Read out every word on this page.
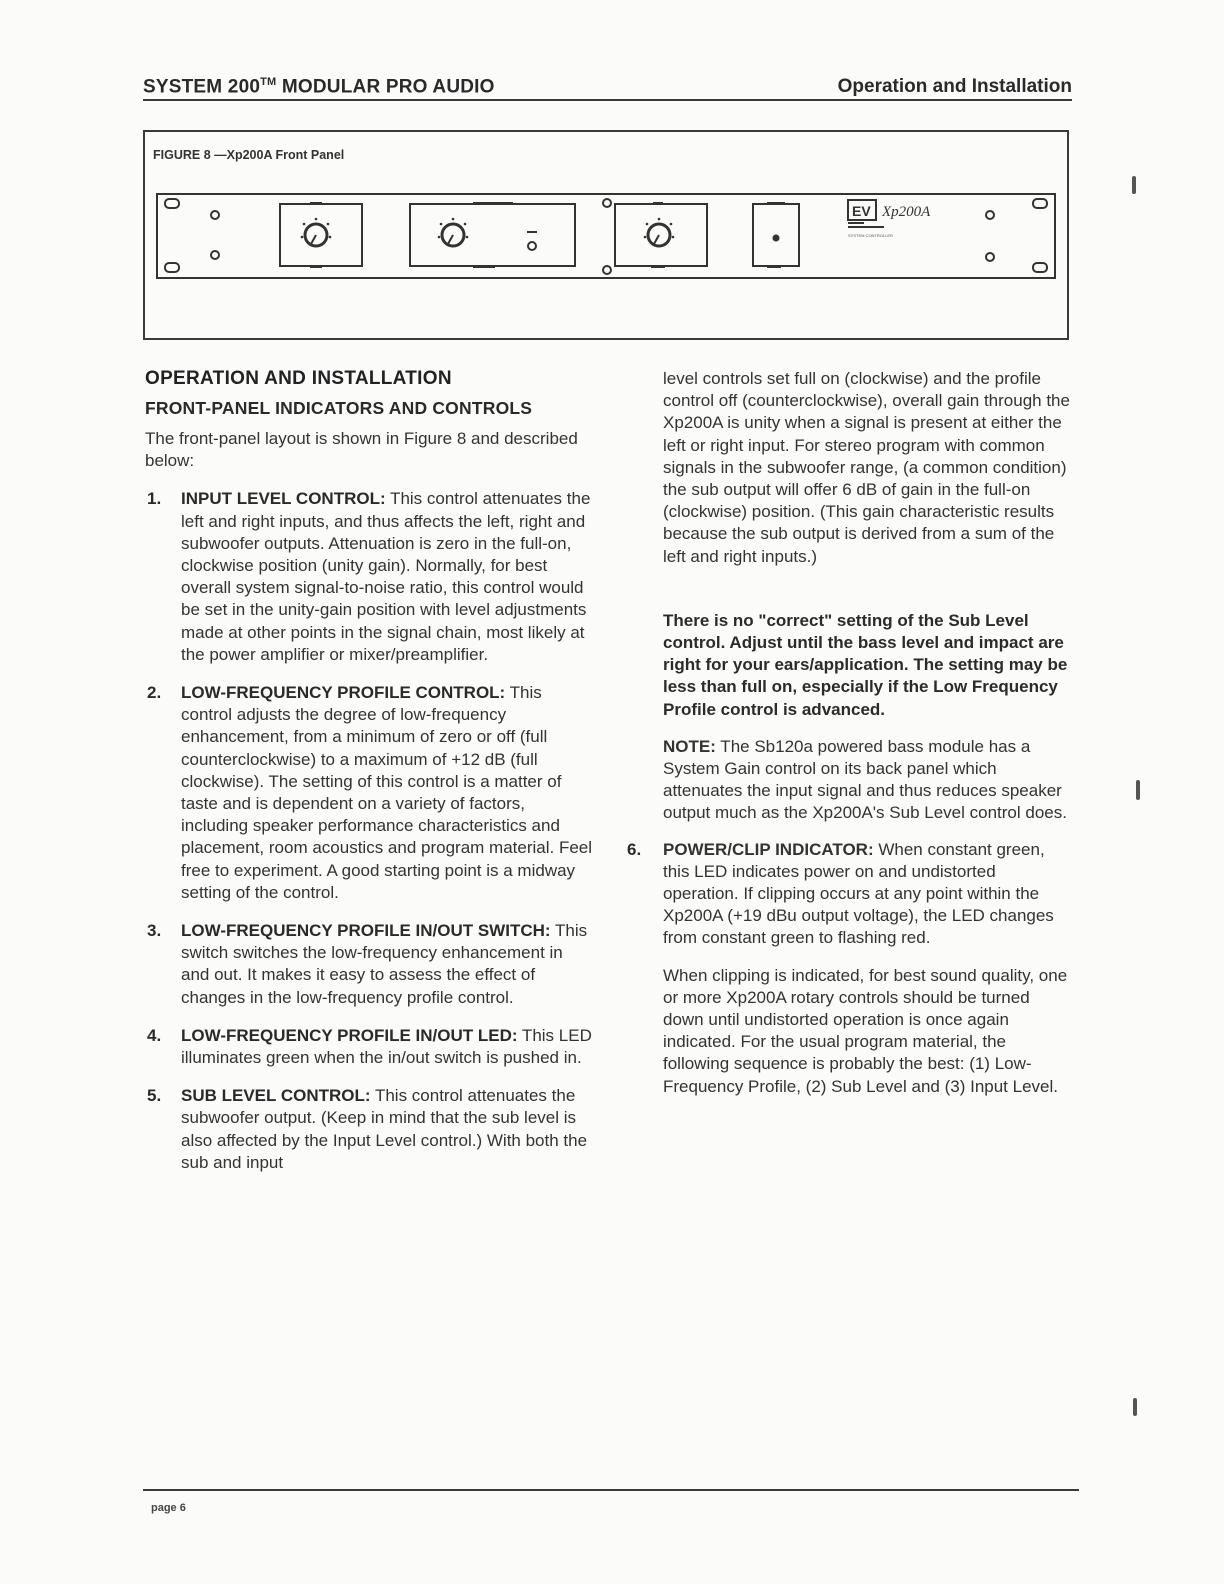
SYSTEM 200™ MODULAR PRO AUDIO	Operation and Installation
FIGURE 8 —Xp200A Front Panel
EV Xp200A
SYSTEM CONTROLLER
OPERATION AND INSTALLATION
FRONT-PANEL INDICATORS AND CONTROLS

The front-panel layout is shown in Figure 8 and described below:

1. INPUT LEVEL CONTROL: This control attenuates the left and right inputs, and thus affects the left, right and subwoofer outputs. Attenuation is zero in the full-on, clockwise position (unity gain). Normally, for best overall system signal-to-noise ratio, this control would be set in the unity-gain position with level adjustments made at other points in the signal chain, most likely at the power amplifier or mixer/preamplifier.
2. LOW-FREQUENCY PROFILE CONTROL: This control adjusts the degree of low-frequency enhancement, from a minimum of zero or off (full counterclockwise) to a maximum of +12 dB (full clockwise). The setting of this control is a matter of taste and is dependent on a variety of factors, including speaker performance characteristics and placement, room acoustics and program material. Feel free to experiment. A good starting point is a midway setting of the control.
3. LOW-FREQUENCY PROFILE IN/OUT SWITCH: This switch switches the low-frequency enhancement in and out. It makes it easy to assess the effect of changes in the low-frequency profile control.
4. LOW-FREQUENCY PROFILE IN/OUT LED: This LED illuminates green when the in/out switch is pushed in.
5. SUB LEVEL CONTROL: This control attenuates the subwoofer output. (Keep in mind that the sub level is also affected by the Input Level control.) With both the sub and input

level controls set full on (clockwise) and the profile control off (counterclockwise), overall gain through the Xp200A is unity when a signal is present at either the left or right input. For stereo program with common signals in the subwoofer range, (a common condition) the sub output will offer 6 dB of gain in the full-on (clockwise) position. (This gain characteristic results because the sub output is derived from a sum of the left and right inputs.)

There is no "correct" setting of the Sub Level control. Adjust until the bass level and impact are right for your ears/application. The setting may be less than full on, especially if the Low Frequency Profile control is advanced.

NOTE: The Sb120a powered bass module has a System Gain control on its back panel which attenuates the input signal and thus reduces speaker output much as the Xp200A's Sub Level control does.

6. POWER/CLIP INDICATOR: When constant green, this LED indicates power on and undistorted operation. If clipping occurs at any point within the Xp200A (+19 dBu output voltage), the LED changes from constant green to flashing red.

When clipping is indicated, for best sound quality, one or more Xp200A rotary controls should be turned down until undistorted operation is once again indicated. For the usual program material, the following sequence is probably the best: (1) Low-Frequency Profile, (2) Sub Level and (3) Input Level.

page 6
